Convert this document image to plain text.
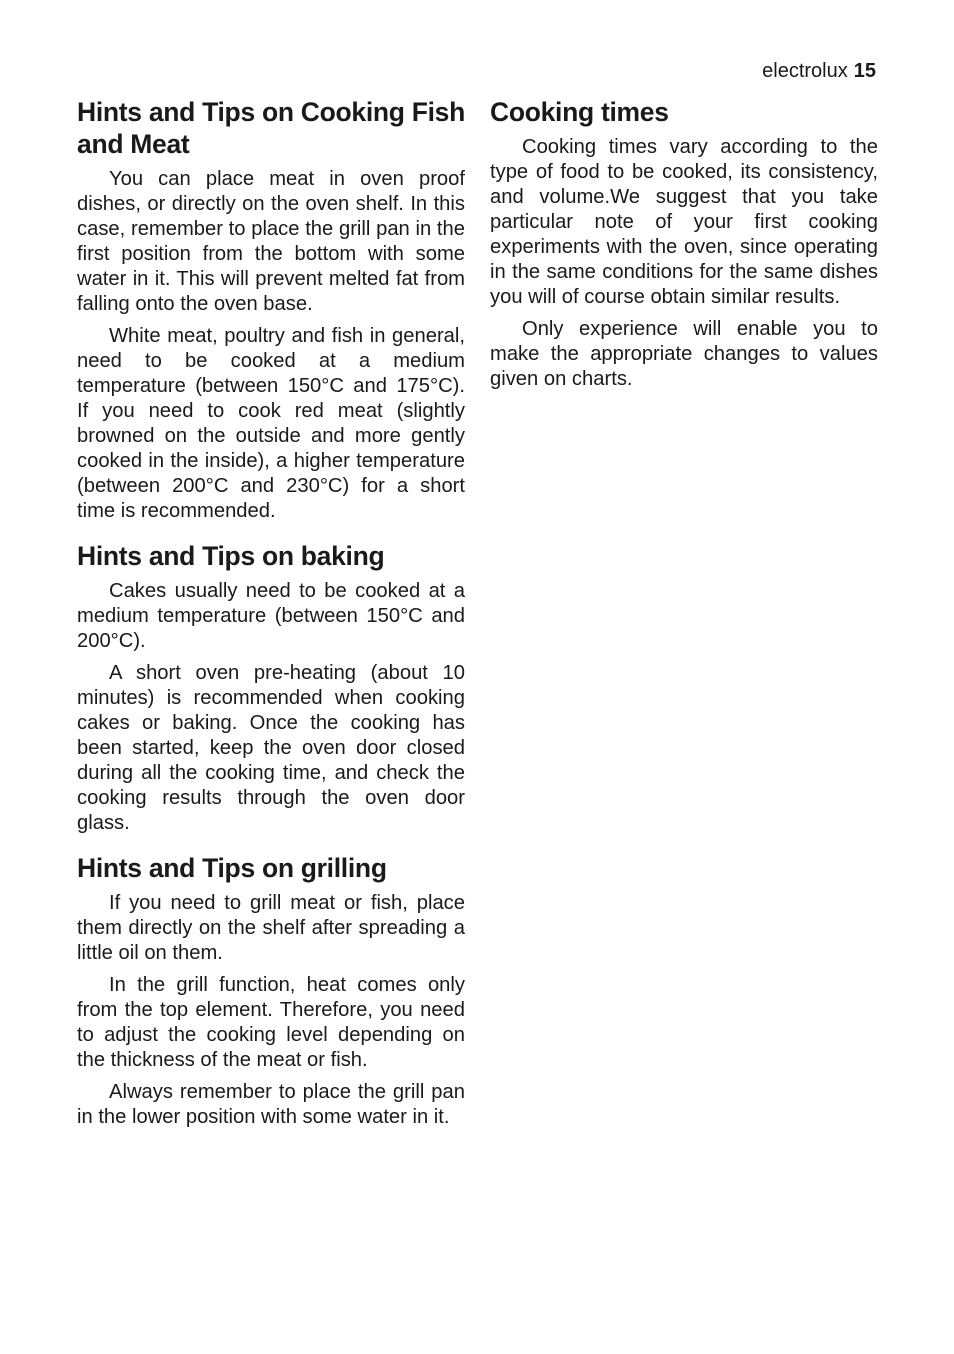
electrolux 15
Hints and Tips on Cooking Fish and Meat

You can place meat in oven proof dishes, or directly on the oven shelf. In this case, remember to place the grill pan in the first position from the bottom with some water in it. This will prevent melted fat from falling onto the oven base.

White meat, poultry and fish in general, need to be cooked at a medium temperature (between 150°C and 175°C). If you need to cook red meat (slightly browned on the outside and more gently cooked in the inside), a higher temperature (between 200°C and 230°C) for a short time is recommended.

Hints and Tips on baking

Cakes usually need to be cooked at a medium temperature (between 150°C and 200°C).

A short oven pre-heating (about 10 minutes) is recommended when cooking cakes or baking. Once the cooking has been started, keep the oven door closed during all the cooking time, and check the cooking results through the oven door glass.

Hints and Tips on grilling

If you need to grill meat or fish, place them directly on the shelf after spreading a little oil on them.

In the grill function, heat comes only from the top element. Therefore, you need to adjust the cooking level depending on the thickness of the meat or fish.

Always remember to place the grill pan in the lower position with some water in it.

Cooking times

Cooking times vary according to the type of food to be cooked, its consistency, and volume.We suggest that you take particular note of your first cooking experiments with the oven, since operating in the same conditions for the same dishes you will of course obtain similar results.

Only experience will enable you to make the appropriate changes to values given on charts.
